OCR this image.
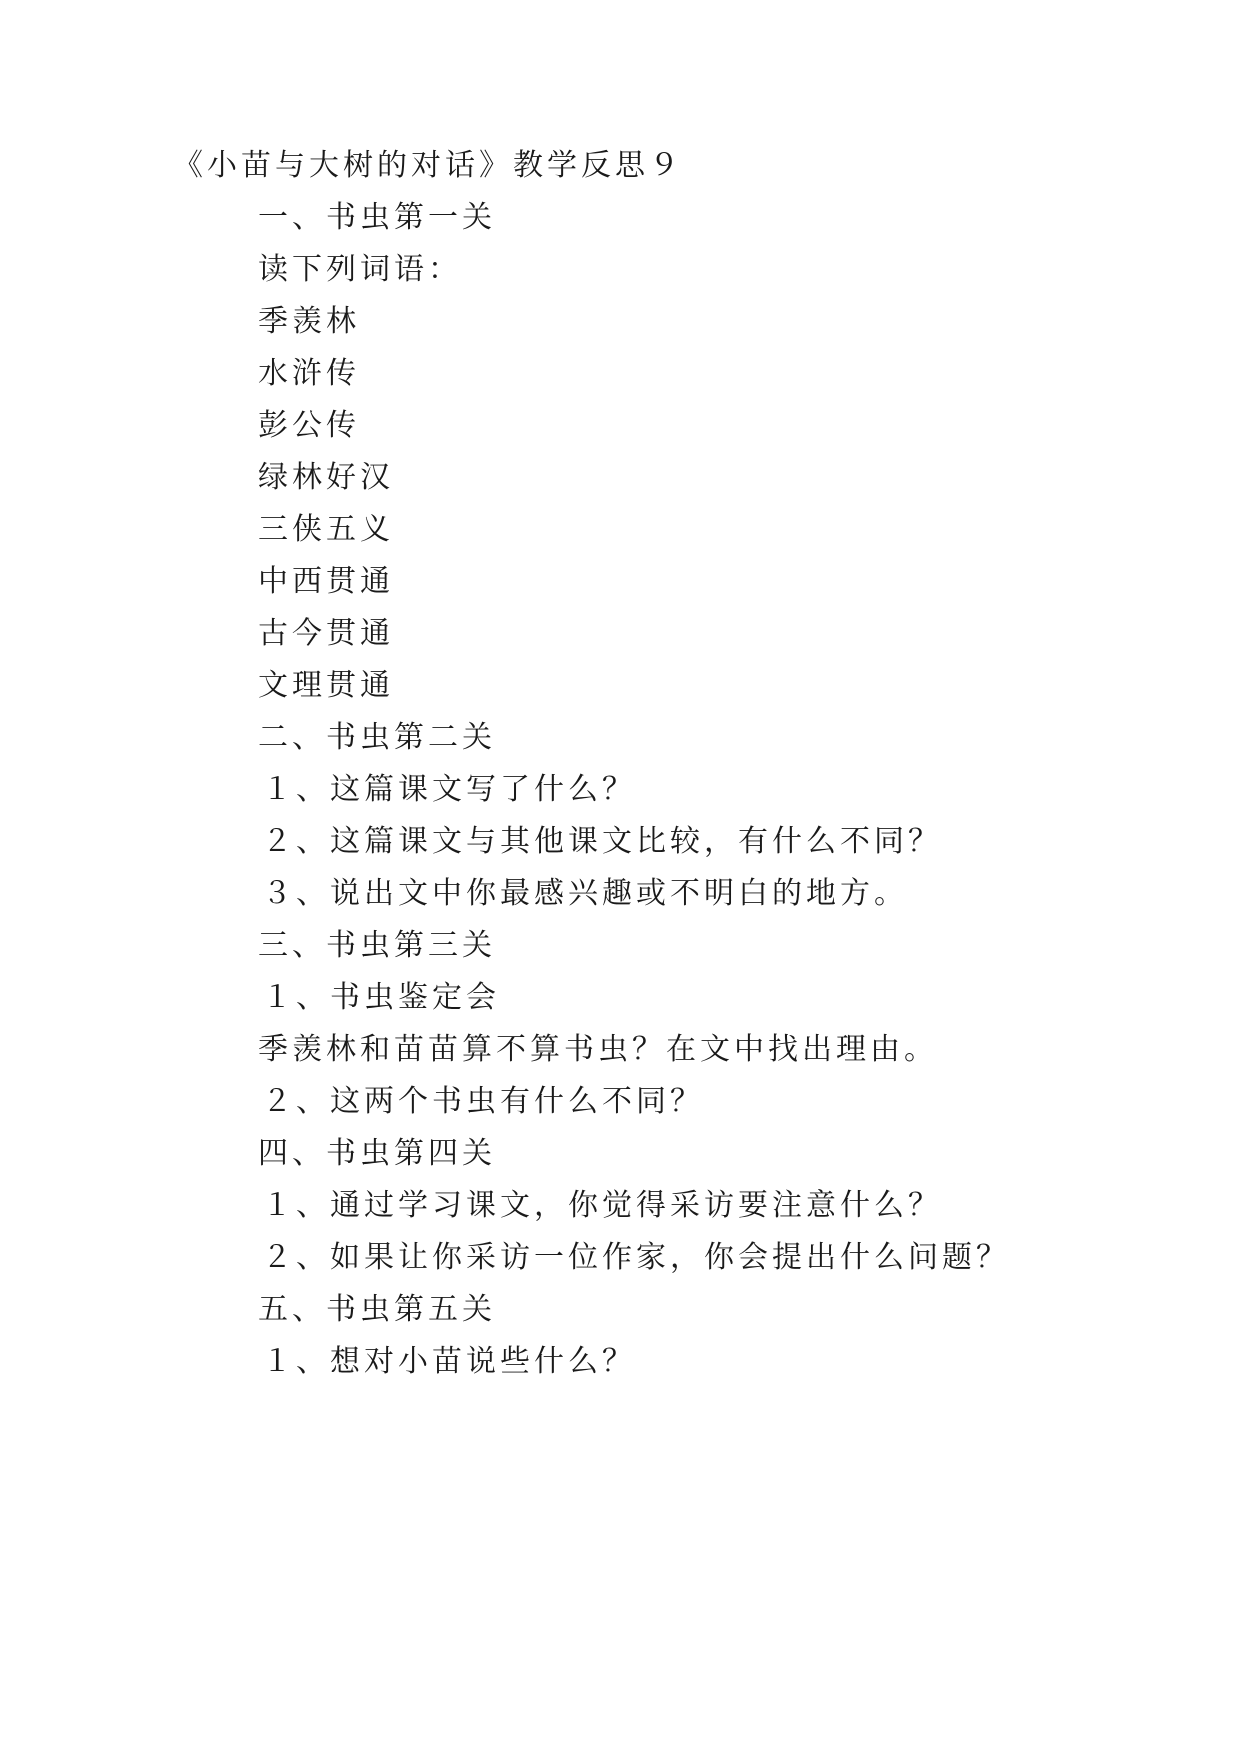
《小苗与大树的对话》教学反思９
一、书虫第一关
读下列词语：
季羡林
水浒传
彭公传
绿林好汉
三侠五义
中西贯通
古今贯通
文理贯通
二、书虫第二关
１、这篇课文写了什么？
２、这篇课文与其他课文比较，有什么不同？
３、说出文中你最感兴趣或不明白的地方。
三、书虫第三关
１、书虫鉴定会
季羡林和苗苗算不算书虫？在文中找出理由。
２、这两个书虫有什么不同？
四、书虫第四关
１、通过学习课文，你觉得采访要注意什么？
２、如果让你采访一位作家，你会提出什么问题？
五、书虫第五关
１、想对小苗说些什么？
